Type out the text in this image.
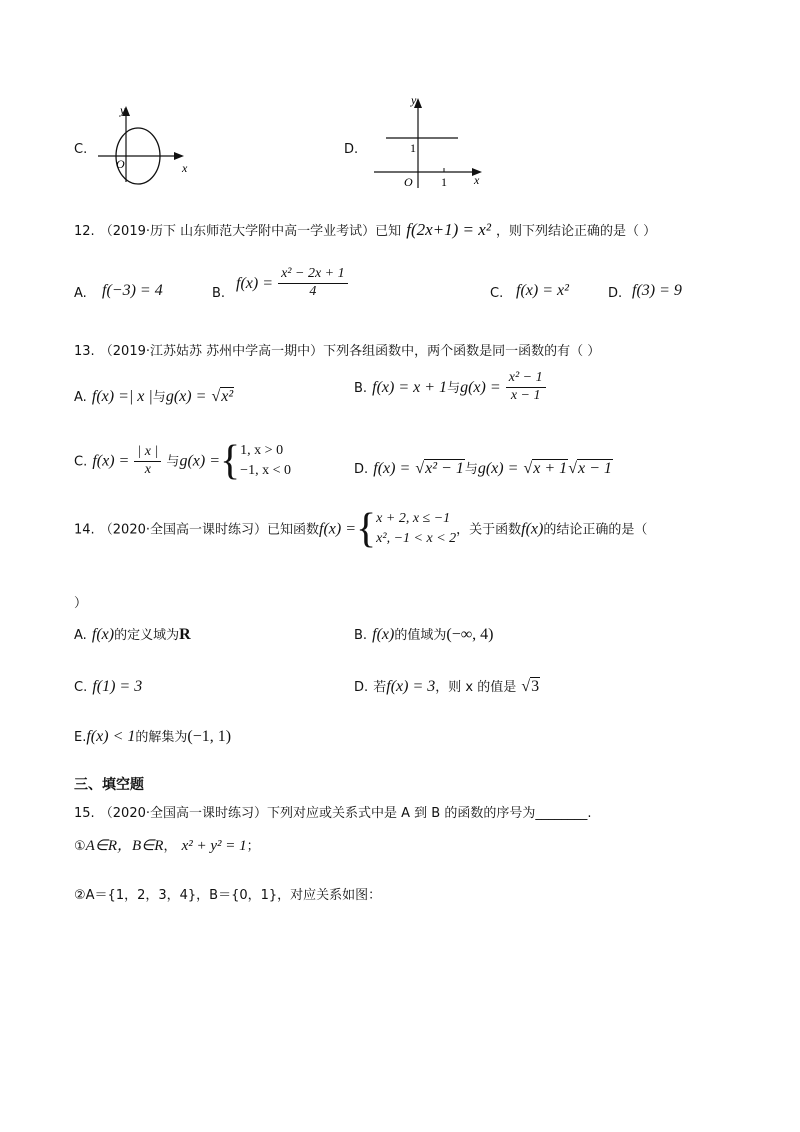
C.
y
x
O
D.
y
x
O
1
1
12. （2019·历下 山东师范大学附中高一学业考试）已知 f(2x+1) = x² ，则下列结论正确的是（ ）
A. f(−3) = 4	B.
$f(x) = \frac{\text{x² − 2x + 1}}{4}$	C. f(x) = x²	D. f(3) = 9
13. （2019·江苏姑苏 苏州中学高一期中）下列各组函数中，两个函数是同一函数的有（ ）
A. f(x) =| x |与g(x) = √x²	B. f(x) = x + 1与$g(x) = \frac{\text{x² − 1}}{x - 1}$
C. $f(x) = \frac{| x |}{x}$ 与g(x) ={ 1, x > 0
−1, x < 0	D. f(x) = √x² − 1与g(x) = √x + 1√x − 1
14. （2020·全国高一课时练习）已知函数f(x) ={ x + 2, x ≤ −1
x², −1 < x < 2
，关于函数f(x)的结论正确的是（
）
A. f(x)的定义域为R	B. f(x)的值域为(−∞, 4)
C. f(1) = 3	D. 若f(x) = 3，则 x 的值是 √3
E.f(x) < 1的解集为(−1, 1)
三、填空题
15. （2020·全国高一课时练习）下列对应或关系式中是 A 到 B 的函数的序号为________.
①A∈R，B∈R， x² + y² = 1；
②A＝{1，2，3，4}，B＝{0，1}，对应关系如图：
